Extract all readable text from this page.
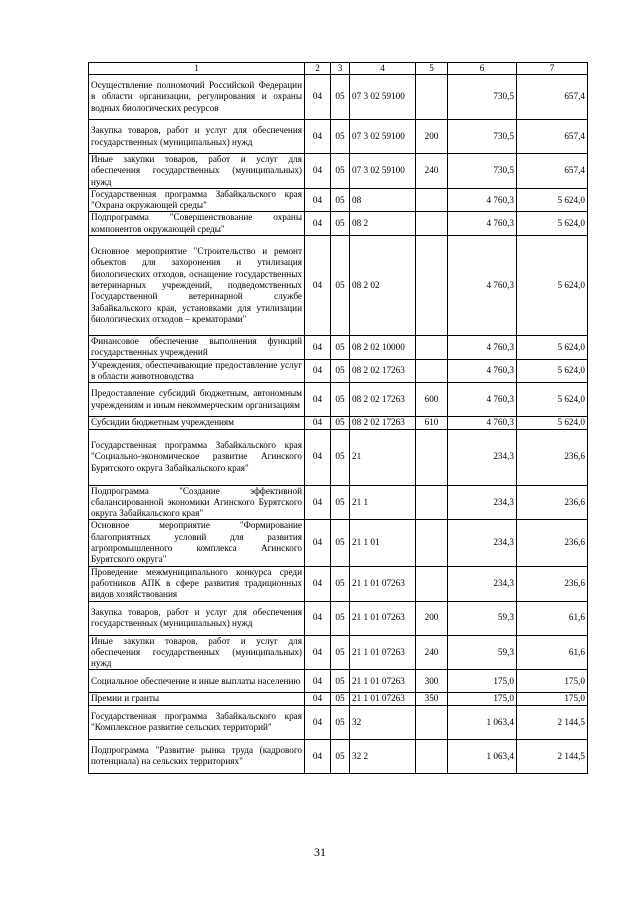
1	2	3	4	5	6	7
Осуществление полномочий Российской Федерации в области организации, регулирования и охраны водных биологических ресурсов	04	05	07 3 02 59100		730,5	657,4
Закупка товаров, работ и услуг для обеспечения государственных (муниципальных) нужд	04	05	07 3 02 59100	200	730,5	657,4
Иные закупки товаров, работ и услуг для обеспечения государственных (муниципальных) нужд	04	05	07 3 02 59100	240	730,5	657,4
Государственная программа Забайкальского края "Охрана окружающей среды"	04	05	08		4 760,3	5 624,0
Подпрограмма "Совершенствование охраны компонентов окружающей среды"	04	05	08 2		4 760,3	5 624,0
Основное мероприятие "Строительство и ремонт объектов для захоронения и утилизация биологических отходов, оснащение государственных ветеринарных учреждений, подведомственных Государственной ветеринарной службе Забайкальского края, установками для утилизации биологических отходов – крематорами"	04	05	08 2 02		4 760,3	5 624,0
Финансовое обеспечение выполнения функций государственных учреждений	04	05	08 2 02 10000		4 760,3	5 624,0
Учреждения, обеспечивающие предоставление услуг в области животноводства	04	05	08 2 02 17263		4 760,3	5 624,0
Предоставление субсидий бюджетным, автономным учреждениям и иным некоммерческим организациям	04	05	08 2 02 17263	600	4 760,3	5 624,0
Субсидии бюджетным учреждениям	04	05	08 2 02 17263	610	4 760,3	5 624,0
Государственная программа Забайкальского края "Социально-экономическое развитие Агинского Бурятского округа Забайкальского края"	04	05	21		234,3	236,6
Подпрограмма "Создание эффективной сбалансированной экономики Агинского Бурятского округа Забайкальского края"	04	05	21 1		234,3	236,6
Основное мероприятие "Формирование благоприятных условий для развития агропромышленного комплекса Агинского Бурятского округа"	04	05	21 1 01		234,3	236,6
Проведение межмуниципального конкурса среди работников АПК в сфере развития традиционных видов хозяйствования	04	05	21 1 01 07263		234,3	236,6
Закупка товаров, работ и услуг для обеспечения государственных (муниципальных) нужд	04	05	21 1 01 07263	200	59,3	61,6
Иные закупки товаров, работ и услуг для обеспечения государственных (муниципальных) нужд	04	05	21 1 01 07263	240	59,3	61,6
Социальное обеспечение и иные выплаты населению	04	05	21 1 01 07263	300	175,0	175,0
Премии и гранты	04	05	21 1 01 07263	350	175,0	175,0
Государственная программа Забайкальского края "Комплексное развитие сельских территорий"	04	05	32		1 063,4	2 144,5
Подпрограмма "Развитие рынка труда (кадрового потенциала) на сельских территориях"	04	05	32 2		1 063,4	2 144,5
31
